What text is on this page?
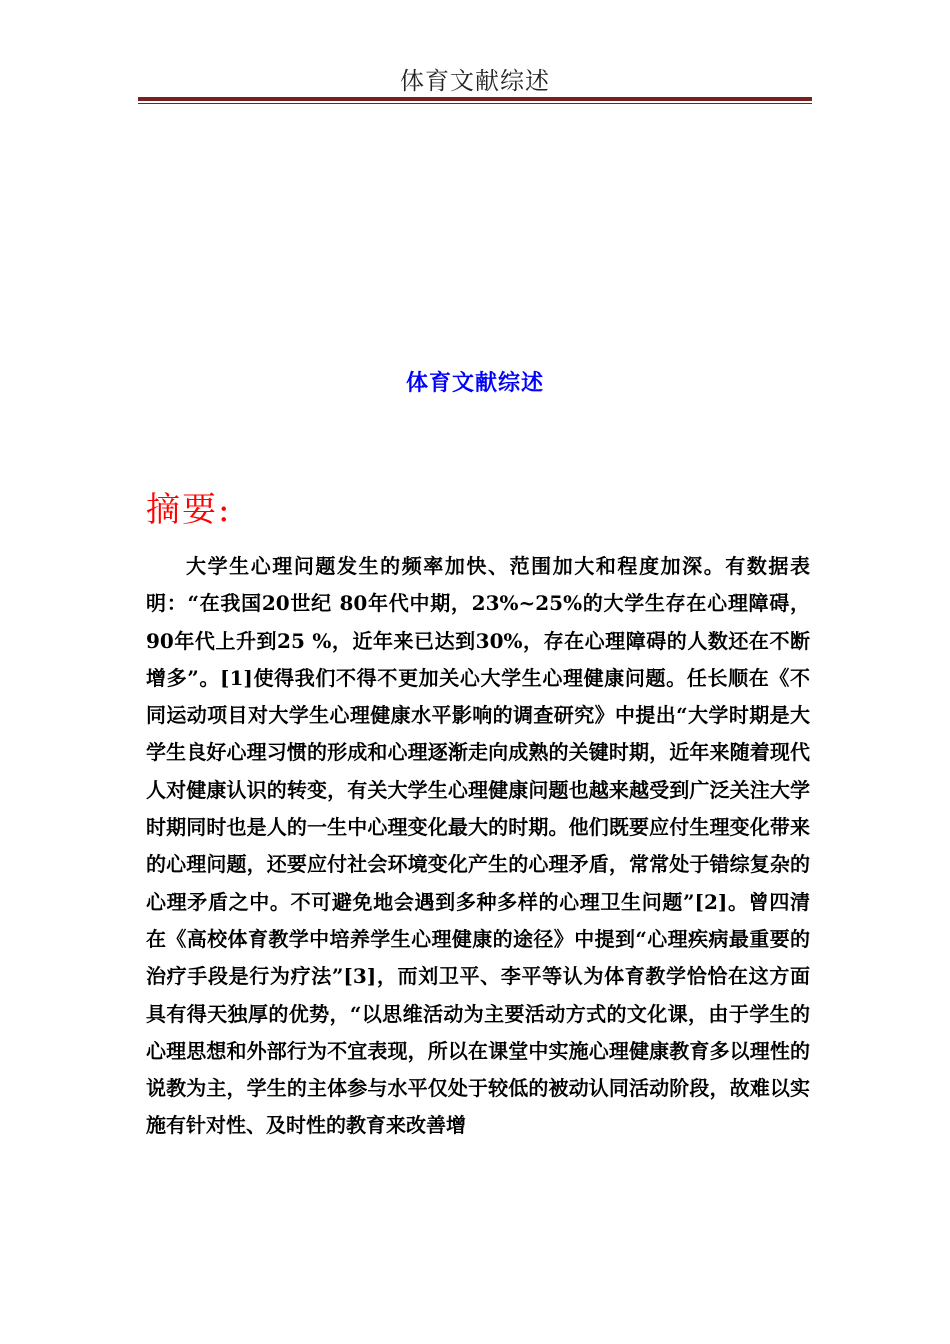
体育文献综述
体育文献综述
摘要:

大学生心理问题发生的频率加快、范围加大和程度加深。有数据表明：“在我国20世纪 80年代中期，23%~25%的大学生存在心理障碍，90年代上升到25 %，近年来已达到30%，存在心理障碍的人数还在不断增多”。[1]使得我们不得不更加关心大学生心理健康问题。任长顺在《不同运动项目对大学生心理健康水平影响的调查研究》中提出“大学时期是大学生良好心理习惯的形成和心理逐渐走向成熟的关键时期，近年来随着现代人对健康认识的转变，有关大学生心理健康问题也越来越受到广泛关注大学时期同时也是人的一生中心理变化最大的时期。他们既要应付生理变化带来的心理问题，还要应付社会环境变化产生的心理矛盾，常常处于错综复杂的心理矛盾之中。不可避免地会遇到多种多样的心理卫生问题”[2]。曾四清在《高校体育教学中培养学生心理健康的途径》中提到“心理疾病最重要的治疗手段是行为疗法”[3]，而刘卫平、李平等认为体育教学恰恰在这方面具有得天独厚的优势，“以思维活动为主要活动方式的文化课，由于学生的心理思想和外部行为不宜表现，所以在课堂中实施心理健康教育多以理性的说教为主，学生的主体参与水平仅处于较低的被动认同活动阶段，故难以实施有针对性、及时性的教育来改善增
